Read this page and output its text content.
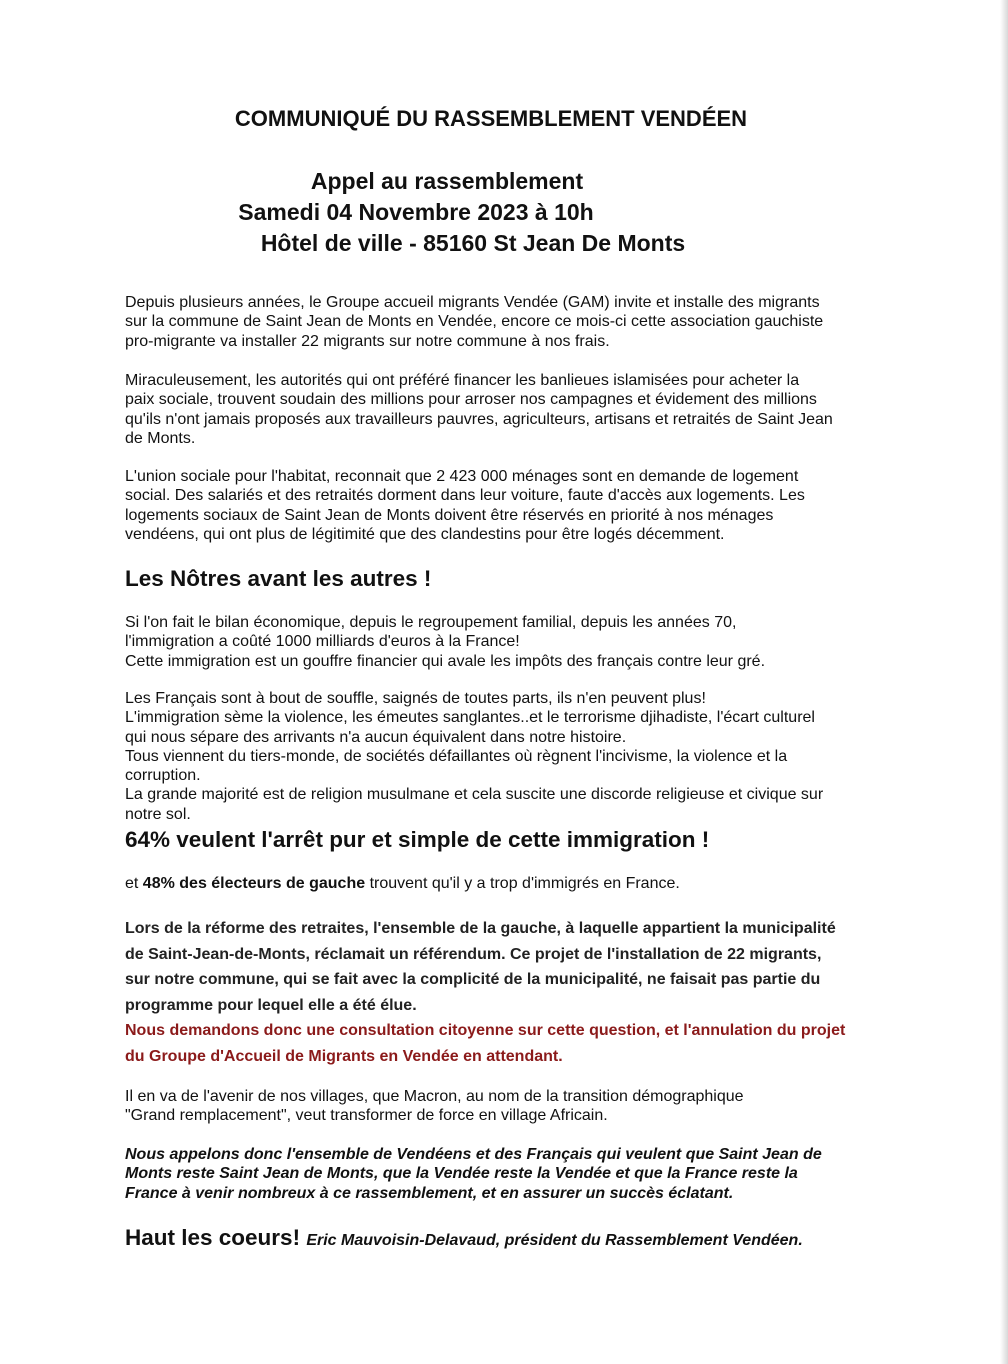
COMMUNIQUÉ DU RASSEMBLEMENT VENDÉEN
Appel au rassemblement
Samedi 04 Novembre 2023 à 10h
Hôtel de ville - 85160 St Jean De Monts

Depuis plusieurs années, le Groupe accueil migrants Vendée (GAM) invite et installe des migrants
sur la commune de Saint Jean de Monts en Vendée, encore ce mois-ci cette association gauchiste
pro-migrante va installer 22 migrants sur notre commune à nos frais.

Miraculeusement, les autorités qui ont préféré financer les banlieues islamisées pour acheter la
paix sociale, trouvent soudain des millions pour arroser nos campagnes et évidement des millions
qu'ils n'ont jamais proposés aux travailleurs pauvres, agriculteurs, artisans et retraités de Saint Jean
de Monts.

L'union sociale pour l'habitat, reconnait que 2 423 000 ménages sont en demande de logement
social. Des salariés et des retraités dorment dans leur voiture, faute d'accès aux logements. Les
logements sociaux de Saint Jean de Monts doivent être réservés en priorité à nos ménages
vendéens, qui ont plus de légitimité que des clandestins pour être logés décemment.

Les Nôtres avant les autres !

Si l'on fait le bilan économique, depuis le regroupement familial, depuis les années 70,
l'immigration a coûté 1000 milliards d'euros à la France!
Cette immigration est un gouffre financier qui avale les impôts des français contre leur gré.

Les Français sont à bout de souffle, saignés de toutes parts, ils n'en peuvent plus!
L'immigration sème la violence, les émeutes sanglantes..et le terrorisme djihadiste, l'écart culturel
qui nous sépare des arrivants n'a aucun équivalent dans notre histoire.
Tous viennent du tiers-monde, de sociétés défaillantes où règnent l'incivisme, la violence et la
corruption.
La grande majorité est de religion musulmane et cela suscite une discorde religieuse et civique sur
notre sol.

64% veulent l'arrêt pur et simple de cette immigration !

et 48% des électeurs de gauche trouvent qu'il y a trop d'immigrés en France.

Lors de la réforme des retraites, l'ensemble de la gauche, à laquelle appartient la municipalité
de Saint-Jean-de-Monts, réclamait un référendum. Ce projet de l'installation de 22 migrants,
sur notre commune, qui se fait avec la complicité de la municipalité, ne faisait pas partie du
programme pour lequel elle a été élue.
Nous demandons donc une consultation citoyenne sur cette question, et l'annulation du projet
du Groupe d'Accueil de Migrants en Vendée en attendant.

Il en va de l'avenir de nos villages, que Macron, au nom de la transition démographique
"Grand remplacement", veut transformer de force en village Africain.

Nous appelons donc l'ensemble de Vendéens et des Français qui veulent que Saint Jean de
Monts reste Saint Jean de Monts, que la Vendée reste la Vendée et que la France reste la
France à venir nombreux à ce rassemblement, et en assurer un succès éclatant.

Haut les coeurs! Eric Mauvoisin-Delavaud, président du Rassemblement Vendéen.
